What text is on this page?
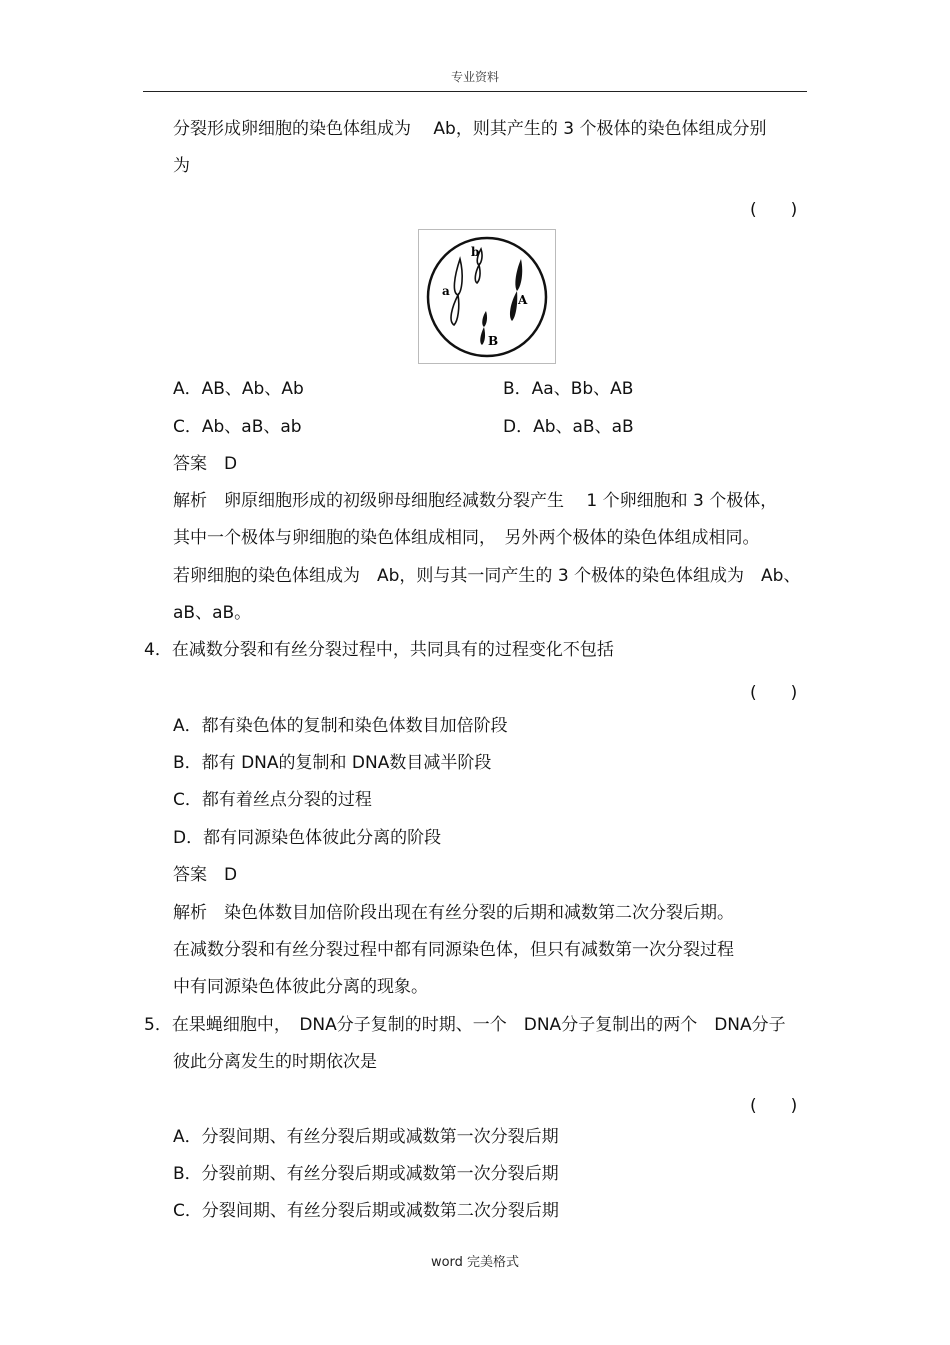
专业资料
分裂形成卵细胞的染色体组成为　 Ab，则其产生的 3 个极体的染色体组成分别
为
(　　)
a
b
A
B
A．AB、Ab、Ab	B．Aa、Bb、AB
C．Ab、aB、ab	D．Ab、aB、aB
答案　D
解析　卵原细胞形成的初级卵母细胞经减数分裂产生　 1 个卵细胞和 3 个极体，
其中一个极体与卵细胞的染色体组成相同，　另外两个极体的染色体组成相同。
若卵细胞的染色体组成为　Ab，则与其一同产生的 3 个极体的染色体组成为　Ab、
aB、aB。
4．在减数分裂和有丝分裂过程中，共同具有的过程变化不包括
(　　)
A．都有染色体的复制和染色体数目加倍阶段
B．都有 DNA的复制和 DNA数目减半阶段
C．都有着丝点分裂的过程
D．都有同源染色体彼此分离的阶段
答案　D
解析　染色体数目加倍阶段出现在有丝分裂的后期和减数第二次分裂后期。
在减数分裂和有丝分裂过程中都有同源染色体，但只有减数第一次分裂过程
中有同源染色体彼此分离的现象。
5．在果蝇细胞中，　DNA分子复制的时期、一个　DNA分子复制出的两个　DNA分子
彼此分离发生的时期依次是
(　　)
A．分裂间期、有丝分裂后期或减数第一次分裂后期
B．分裂前期、有丝分裂后期或减数第一次分裂后期
C．分裂间期、有丝分裂后期或减数第二次分裂后期
word 完美格式
